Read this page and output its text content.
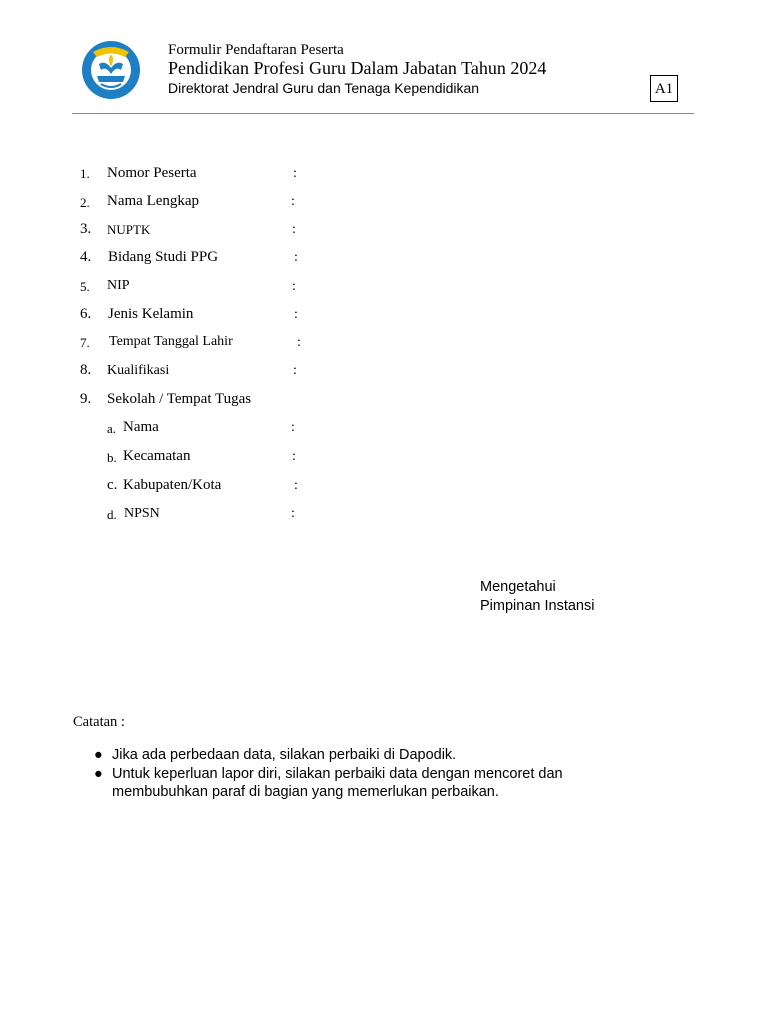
Formulir Pendaftaran Peserta
Pendidikan Profesi Guru Dalam Jabatan Tahun 2024
Direktorat Jendral Guru dan Tenaga Kependidikan	A1
1. Nomor Peserta	:
2. Nama Lengkap	:
3. NUPTK	:
4. Bidang Studi PPG	:
5. NIP	:
6. Jenis Kelamin	:
7. Tempat Tanggal Lahir	:
8. Kualifikasi	:
9. Sekolah / Tempat Tugas
a. Nama	:
b. Kecamatan	:
c. Kabupaten/Kota	:
d. NPSN	:
Mengetahui
Pimpinan Instansi
Catatan :
● Jika ada perbedaan data, silakan perbaiki di Dapodik.
● Untuk keperluan lapor diri, silakan perbaiki data dengan mencoret dan membubuhkan paraf di bagian yang memerlukan perbaikan.
